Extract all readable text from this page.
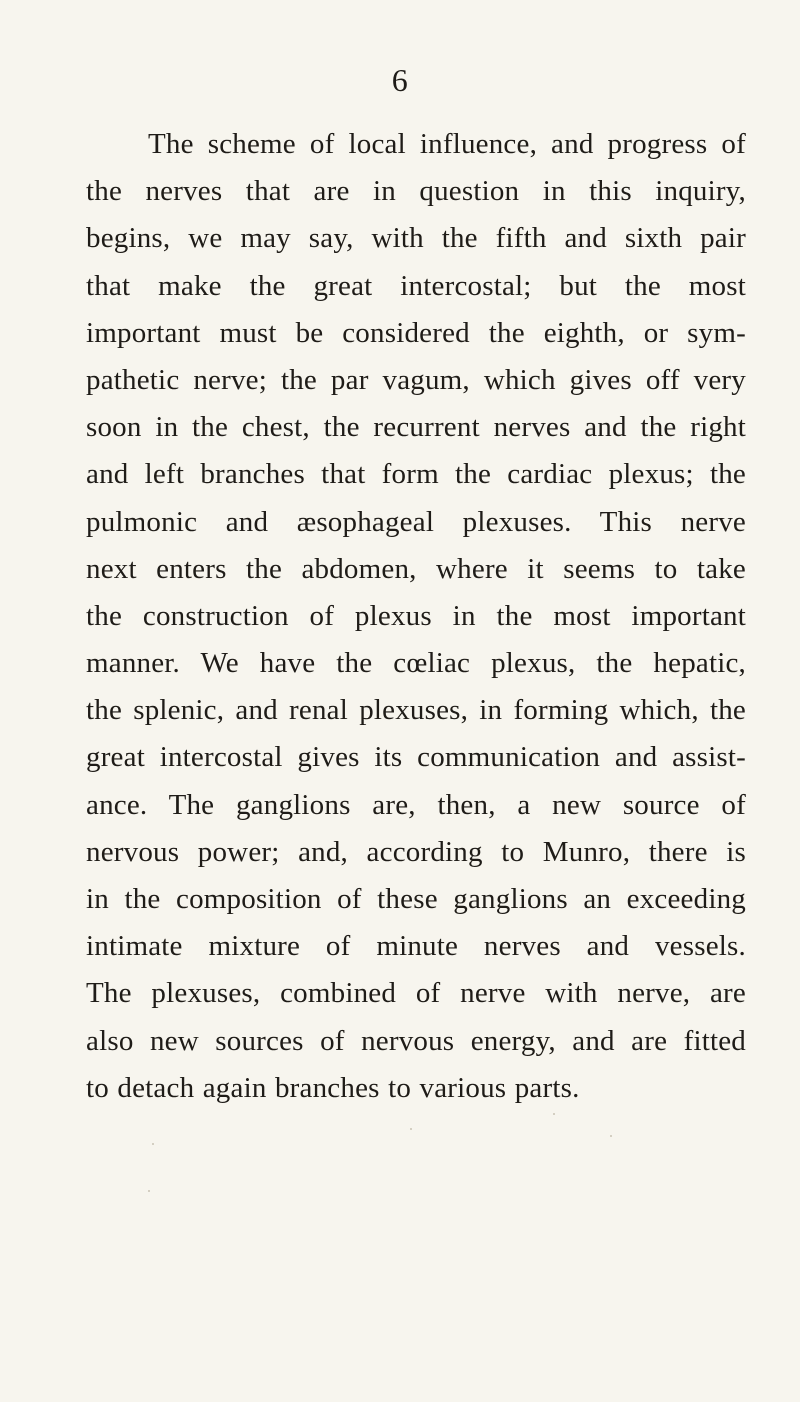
6
The scheme of local influence, and progress of
the nerves that are in question in this inquiry,
begins, we may say, with the fifth and sixth pair
that make the great intercostal; but the most
important must be considered the eighth, or sym-
pathetic nerve; the par vagum, which gives off very
soon in the chest, the recurrent nerves and the right
and left branches that form the cardiac plexus; the
pulmonic and æsophageal plexuses. This nerve
next enters the abdomen, where it seems to take
the construction of plexus in the most important
manner. We have the cœliac plexus, the hepatic,
the splenic, and renal plexuses, in forming which, the
great intercostal gives its communication and assist-
ance. The ganglions are, then, a new source of
nervous power; and, according to Munro, there is
in the composition of these ganglions an exceeding
intimate mixture of minute nerves and vessels.
The plexuses, combined of nerve with nerve, are
also new sources of nervous energy, and are fitted
to detach again branches to various parts.
